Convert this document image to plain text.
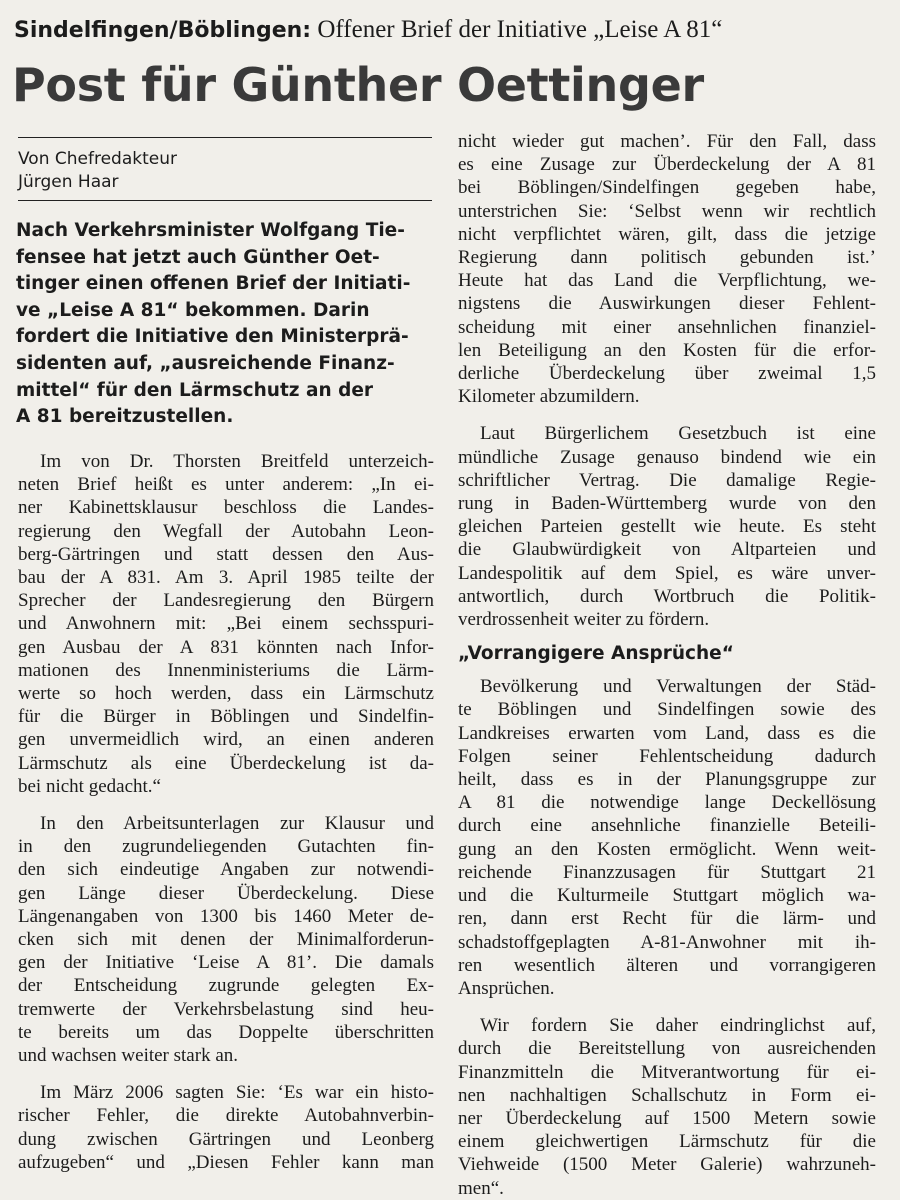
Sindelfingen/Böblingen: Offener Brief der Initiative „Leise A 81“
Post für Günther Oettinger
Von Chefredakteur
Jürgen Haar
Nach Verkehrsminister Wolfgang Tie-
fensee hat jetzt auch Günther Oet-
tinger einen offenen Brief der Initiati-
ve „Leise A 81“ bekommen. Darin
fordert die Initiative den Ministerprä-
sidenten auf, „ausreichende Finanz-
mittel“ für den Lärmschutz an der
A 81 bereitzustellen.
Im von Dr. Thorsten Breitfeld unterzeich-
neten Brief heißt es unter anderem: „In ei-
ner Kabinettsklausur beschloss die Landes-
regierung den Wegfall der Autobahn Leon-
berg-Gärtringen und statt dessen den Aus-
bau der A 831. Am 3. April 1985 teilte der
Sprecher der Landesregierung den Bürgern
und Anwohnern mit: „Bei einem sechsspuri-
gen Ausbau der A 831 könnten nach Infor-
mationen des Innenministeriums die Lärm-
werte so hoch werden, dass ein Lärmschutz
für die Bürger in Böblingen und Sindelfin-
gen unvermeidlich wird, an einen anderen
Lärmschutz als eine Überdeckelung ist da-
bei nicht gedacht.“
In den Arbeitsunterlagen zur Klausur und
in den zugrundeliegenden Gutachten fin-
den sich eindeutige Angaben zur notwendi-
gen Länge dieser Überdeckelung. Diese
Längenangaben von 1300 bis 1460 Meter de-
cken sich mit denen der Minimalforderun-
gen der Initiative ‘Leise A 81’. Die damals
der Entscheidung zugrunde gelegten Ex-
tremwerte der Verkehrsbelastung sind heu-
te bereits um das Doppelte überschritten
und wachsen weiter stark an.
Im März 2006 sagten Sie: ‘Es war ein histo-
rischer Fehler, die direkte Autobahnverbin-
dung zwischen Gärtringen und Leonberg
aufzugeben“ und „Diesen Fehler kann man
nicht wieder gut machen’. Für den Fall, dass
es eine Zusage zur Überdeckelung der A 81
bei Böblingen/Sindelfingen gegeben habe,
unterstrichen Sie: ‘Selbst wenn wir rechtlich
nicht verpflichtet wären, gilt, dass die jetzige
Regierung dann politisch gebunden ist.’
Heute hat das Land die Verpflichtung, we-
nigstens die Auswirkungen dieser Fehlent-
scheidung mit einer ansehnlichen finanziel-
len Beteiligung an den Kosten für die erfor-
derliche Überdeckelung über zweimal 1,5
Kilometer abzumildern.
Laut Bürgerlichem Gesetzbuch ist eine
mündliche Zusage genauso bindend wie ein
schriftlicher Vertrag. Die damalige Regie-
rung in Baden-Württemberg wurde von den
gleichen Parteien gestellt wie heute. Es steht
die Glaubwürdigkeit von Altparteien und
Landespolitik auf dem Spiel, es wäre unver-
antwortlich, durch Wortbruch die Politik-
verdrossenheit weiter zu fördern.
„Vorrangigere Ansprüche“
Bevölkerung und Verwaltungen der Städ-
te Böblingen und Sindelfingen sowie des
Landkreises erwarten vom Land, dass es die
Folgen seiner Fehlentscheidung dadurch
heilt, dass es in der Planungsgruppe zur
A 81 die notwendige lange Deckellösung
durch eine ansehnliche finanzielle Beteili-
gung an den Kosten ermöglicht. Wenn weit-
reichende Finanzzusagen für Stuttgart 21
und die Kulturmeile Stuttgart möglich wa-
ren, dann erst Recht für die lärm- und
schadstoffgeplagten A-81-Anwohner mit ih-
ren wesentlich älteren und vorrangigeren
Ansprüchen.
Wir fordern Sie daher eindringlichst auf,
durch die Bereitstellung von ausreichenden
Finanzmitteln die Mitverantwortung für ei-
nen nachhaltigen Schallschutz in Form ei-
ner Überdeckelung auf 1500 Metern sowie
einem gleichwertigen Lärmschutz für die
Viehweide (1500 Meter Galerie) wahrzuneh-
men“.
